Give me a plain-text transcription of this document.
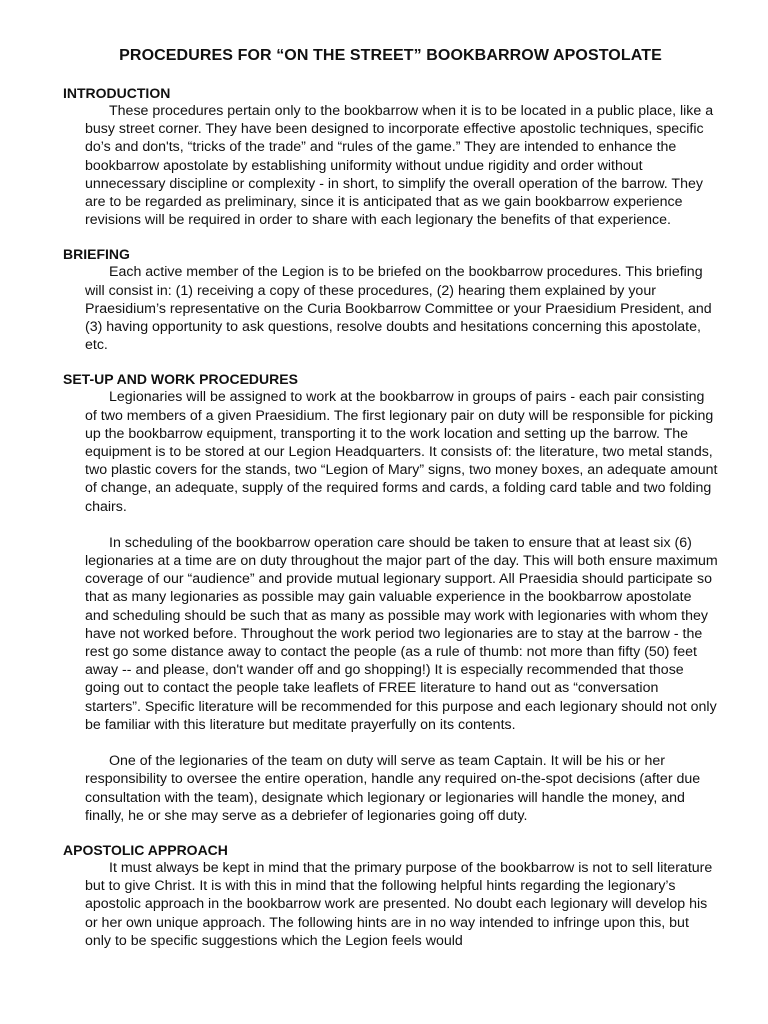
PROCEDURES FOR “ON THE STREET” BOOKBARROW APOSTOLATE
INTRODUCTION

These procedures pertain only to the bookbarrow when it is to be located in a public place, like a busy street corner. They have been designed to incorporate effective apostolic techniques, specific do’s and don'ts, “tricks of the trade” and “rules of the game.” They are intended to enhance the bookbarrow apostolate by establishing uniformity without undue rigidity and order without unnecessary discipline or complexity - in short, to simplify the overall operation of the barrow. They are to be regarded as preliminary, since it is anticipated that as we gain bookbarrow experience revisions will be required in order to share with each legionary the benefits of that experience.

BRIEFING

Each active member of the Legion is to be briefed on the bookbarrow procedures. This briefing will consist in: (1) receiving a copy of these procedures, (2) hearing them explained by your Praesidium’s representative on the Curia Bookbarrow Committee or your Praesidium President, and (3) having opportunity to ask questions, resolve doubts and hesitations concerning this apostolate, etc.

SET-UP AND WORK PROCEDURES

Legionaries will be assigned to work at the bookbarrow in groups of pairs - each pair consisting of two members of a given Praesidium. The first legionary pair on duty will be responsible for picking up the bookbarrow equipment, transporting it to the work location and setting up the barrow. The equipment is to be stored at our Legion Headquarters. It consists of: the literature, two metal stands, two plastic covers for the stands, two “Legion of Mary” signs, two money boxes, an adequate amount of change, an adequate, supply of the required forms and cards, a folding card table and two folding chairs.

In scheduling of the bookbarrow operation care should be taken to ensure that at least six (6) legionaries at a time are on duty throughout the major part of the day. This will both ensure maximum coverage of our “audience” and provide mutual legionary support. All Praesidia should participate so that as many legionaries as possible may gain valuable experience in the bookbarrow apostolate and scheduling should be such that as many as possible may work with legionaries with whom they have not worked before. Throughout the work period two legionaries are to stay at the barrow - the rest go some distance away to contact the people (as a rule of thumb: not more than fifty (50) feet away -- and please, don't wander off and go shopping!) It is especially recommended that those going out to contact the people take leaflets of FREE literature to hand out as “conversation starters”. Specific literature will be recommended for this purpose and each legionary should not only be familiar with this literature but meditate prayerfully on its contents.

One of the legionaries of the team on duty will serve as team Captain. It will be his or her responsibility to oversee the entire operation, handle any required on-the-spot decisions (after due consultation with the team), designate which legionary or legionaries will handle the money, and finally, he or she may serve as a debriefer of legionaries going off duty.

APOSTOLIC APPROACH

It must always be kept in mind that the primary purpose of the bookbarrow is not to sell literature but to give Christ. It is with this in mind that the following helpful hints regarding the legionary’s apostolic approach in the bookbarrow work are presented. No doubt each legionary will develop his or her own unique approach. The following hints are in no way intended to infringe upon this, but only to be specific suggestions which the Legion feels would
